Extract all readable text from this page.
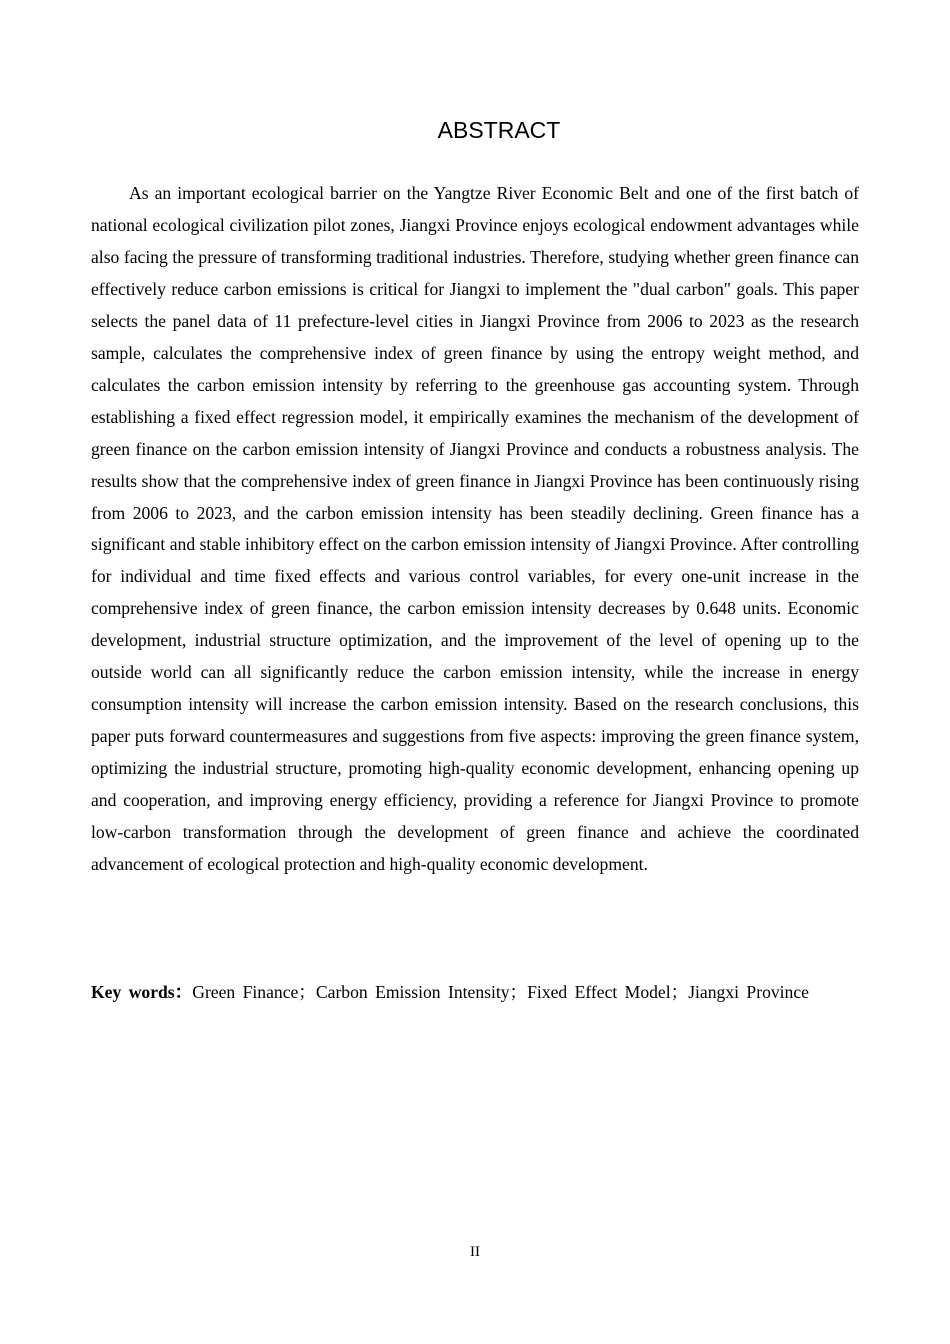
ABSTRACT

As an important ecological barrier on the Yangtze River Economic Belt and one of the first batch of national ecological civilization pilot zones, Jiangxi Province enjoys ecological endowment advantages while also facing the pressure of transforming traditional industries. Therefore, studying whether green finance can effectively reduce carbon emissions is critical for Jiangxi to implement the "dual carbon" goals. This paper selects the panel data of 11 prefecture-level cities in Jiangxi Province from 2006 to 2023 as the research sample, calculates the comprehensive index of green finance by using the entropy weight method, and calculates the carbon emission intensity by referring to the greenhouse gas accounting system. Through establishing a fixed effect regression model, it empirically examines the mechanism of the development of green finance on the carbon emission intensity of Jiangxi Province and conducts a robustness analysis. The results show that the comprehensive index of green finance in Jiangxi Province has been continuously rising from 2006 to 2023, and the carbon emission intensity has been steadily declining. Green finance has a significant and stable inhibitory effect on the carbon emission intensity of Jiangxi Province. After controlling for individual and time fixed effects and various control variables, for every one-unit increase in the comprehensive index of green finance, the carbon emission intensity decreases by 0.648 units. Economic development, industrial structure optimization, and the improvement of the level of opening up to the outside world can all significantly reduce the carbon emission intensity, while the increase in energy consumption intensity will increase the carbon emission intensity. Based on the research conclusions, this paper puts forward countermeasures and suggestions from five aspects: improving the green finance system, optimizing the industrial structure, promoting high-quality economic development, enhancing opening up and cooperation, and improving energy efficiency, providing a reference for Jiangxi Province to promote low-carbon transformation through the development of green finance and achieve the coordinated advancement of ecological protection and high-quality economic development.

Key words：Green Finance；Carbon Emission Intensity；Fixed Effect Model；Jiangxi Province

II
